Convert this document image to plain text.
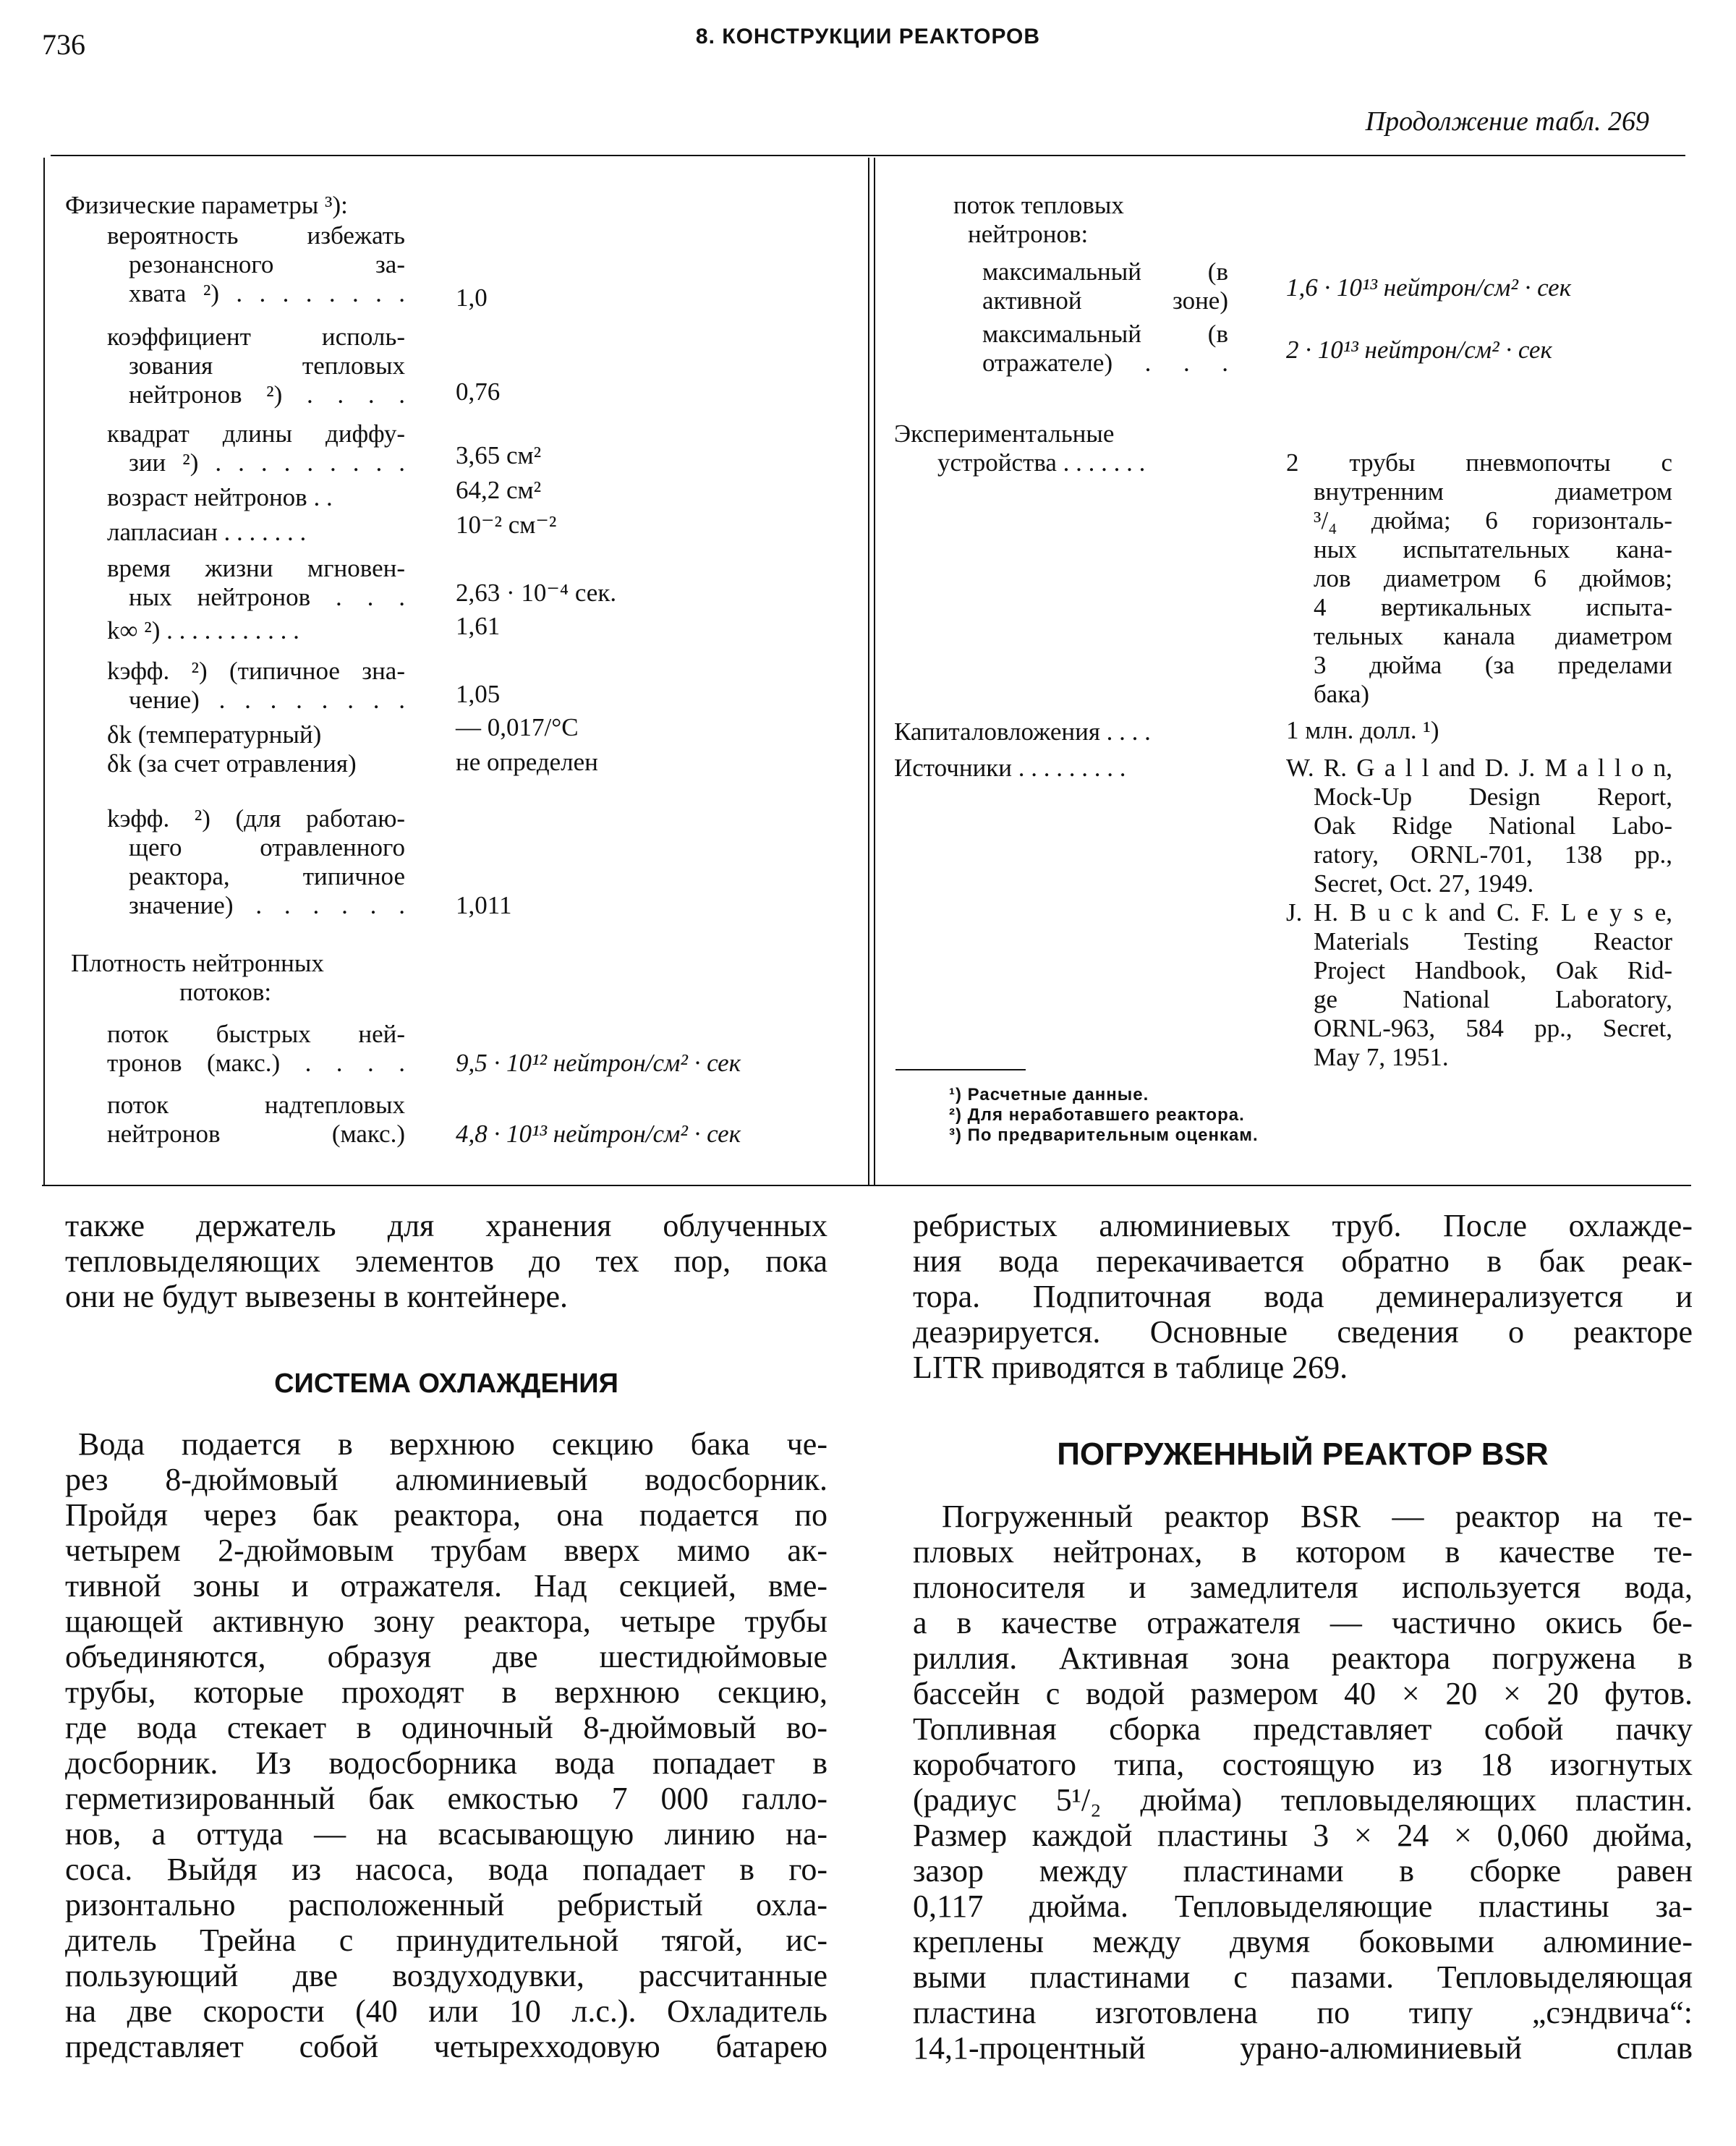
736	8. КОНСТРУКЦИИ РЕАКТОРОВ
Продолжение табл. 269
Физические параметры ³):
вероятность избежать
резонансного за-
хвата ²) . . . . . . . . 1,0
коэффициент исполь-
зования тепловых
нейтронов ²) . . . . 0,76
квадрат длины диффу-
зии ²) . . . . . . . . . 3,65 см²
возраст нейтронов . .	64,2 см²
лапласиан . . . . . . .	10⁻² см⁻²
время жизни мгновен-
ных нейтронов . . . 2,63 · 10⁻⁴ сек.
k∞ ²) . . . . . . . . . . .	1,61
kэфф. ²) (типичное зна-
чение) . . . . . . . . 1,05
δk (температурный)	— 0,017/°C
δk (за счет отравления)	не определен
kэфф. ²) (для работаю-
щего отравленного
реактора, типичное
значение) . . . . . . 1,011
Плотность нейтронных
потоков:
поток быстрых ней-
тронов (макс.) . . . . 9,5 · 10¹² нейтрон/см² · сек
поток надтепловых
нейтронов (макс.) 4,8 · 10¹³ нейтрон/см² · сек
поток тепловых
нейтронов:
максимальный (в
активной зоне) 1,6 · 10¹³ нейтрон/см² · сек
максимальный (в
отражателе) . . . 2 · 10¹³ нейтрон/см² · сек
Экспериментальные
устройства . . . . . . .	2 трубы пневмопочты с
внутренним диаметром
³/₄ дюйма; 6 горизонталь-
ных испытательных кана-
лов диаметром 6 дюймов;
4 вертикальных испыта-
тельных канала диаметром
3 дюйма (за пределами
бака)
Капиталовложения . . . .	1 млн. долл. ¹)
Источники . . . . . . . . .	W. R. G a l l and D. J. M a l l o n,
Mock-Up Design Report,
Oak Ridge National Labo-
ratory, ORNL-701, 138 pp.,
Secret, Oct. 27, 1949.
J. H. B u c k and C. F. L e y s e,
Materials Testing Reactor
Project Handbook, Oak Rid-
ge National Laboratory,
ORNL-963, 584 pp., Secret,
May 7, 1951.
¹) Расчетные данные.
²) Для неработавшего реактора.
³) По предварительным оценкам.
также держатель для хранения облученных
тепловыделяющих элементов до тех пор, пока
они не будут вывезены в контейнере.
СИСТЕМА ОХЛАЖДЕНИЯ
Вода подается в верхнюю секцию бака че-
рез 8-дюймовый алюминиевый водосборник.
Пройдя через бак реактора, она подается по
четырем 2-дюймовым трубам вверх мимо ак-
тивной зоны и отражателя. Над секцией, вме-
щающей активную зону реактора, четыре трубы
объединяются, образуя две шестидюймовые
трубы, которые проходят в верхнюю секцию,
где вода стекает в одиночный 8-дюймовый во-
досборник. Из водосборника вода попадает в
герметизированный бак емкостью 7 000 галло-
нов, а оттуда — на всасывающую линию на-
соса. Выйдя из насоса, вода попадает в го-
ризонтально расположенный ребристый охла-
дитель Трейна с принудительной тягой, ис-
пользующий две воздуходувки, рассчитанные
на две скорости (40 или 10 л.с.). Охладитель
представляет собой четырехходовую батарею
ребристых алюминиевых труб. После охлажде-
ния вода перекачивается обратно в бак реак-
тора. Подпиточная вода деминерализуется и
деаэрируется. Основные сведения о реакторе
LITR приводятся в таблице 269.
ПОГРУЖЕННЫЙ РЕАКТОР BSR
Погруженный реактор BSR — реактор на те-
пловых нейтронах, в котором в качестве те-
плоносителя и замедлителя используется вода,
а в качестве отражателя — частично окись бе-
риллия. Активная зона реактора погружена в
бассейн с водой размером 40 × 20 × 20 футов.
Топливная сборка представляет собой пачку
коробчатого типа, состоящую из 18 изогнутых
(радиус 5¹/₂ дюйма) тепловыделяющих пластин.
Размер каждой пластины 3 × 24 × 0,060 дюйма,
зазор между пластинами в сборке равен
0,117 дюйма. Тепловыделяющие пластины за-
креплены между двумя боковыми алюминие-
выми пластинами с пазами. Тепловыделяющая
пластина изготовлена по типу „сэндвича“:
14,1-процентный урано-алюминиевый сплав
